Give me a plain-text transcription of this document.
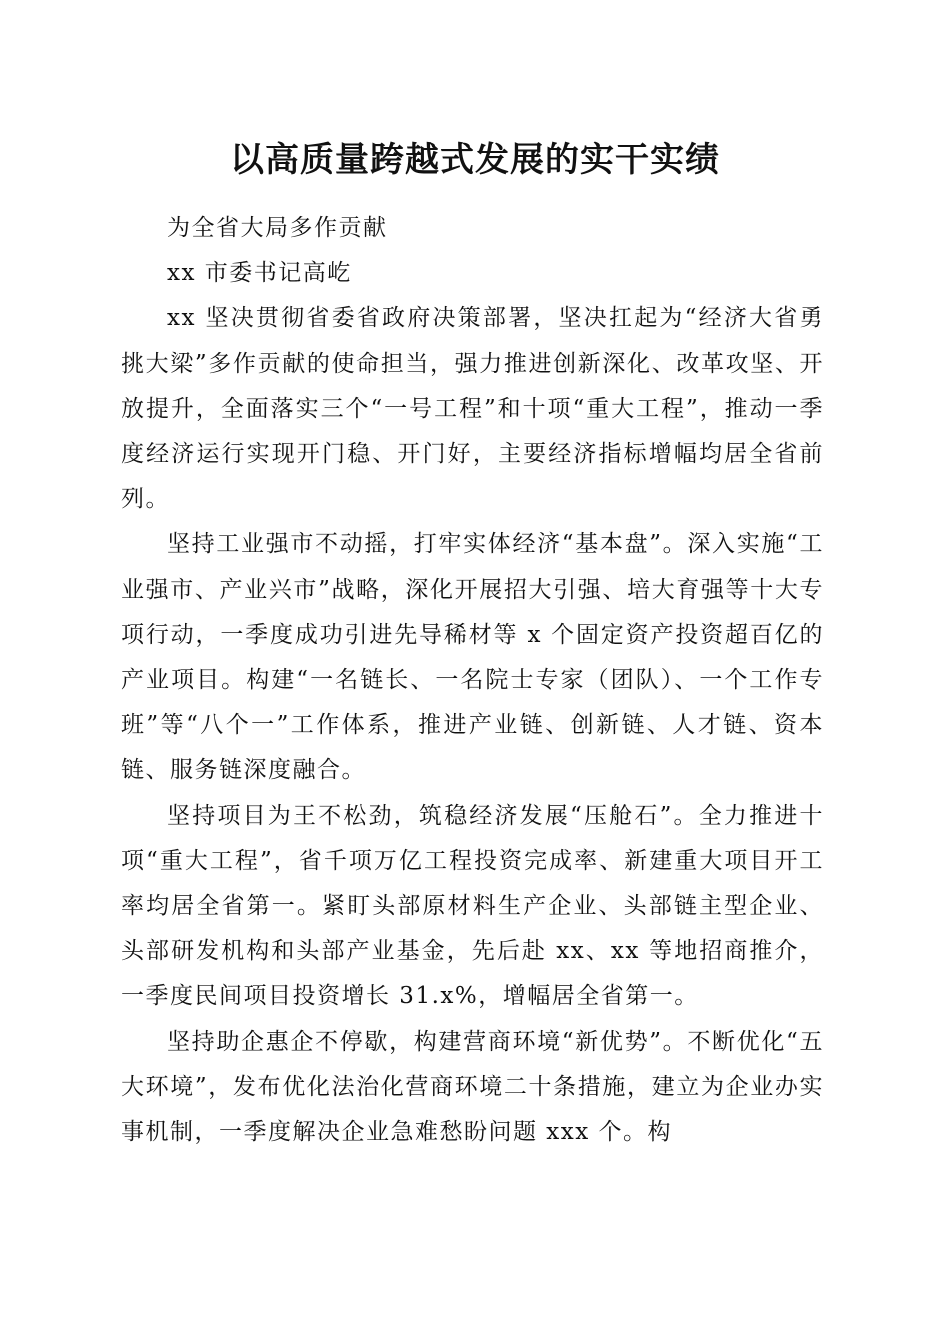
以高质量跨越式发展的实干实绩

为全省大局多作贡献

xx 市委书记高屹

xx 坚决贯彻省委省政府决策部署，坚决扛起为“经济大省勇挑大梁”多作贡献的使命担当，强力推进创新深化、改革攻坚、开放提升，全面落实三个“一号工程”和十项“重大工程”，推动一季度经济运行实现开门稳、开门好，主要经济指标增幅均居全省前列。

坚持工业强市不动摇，打牢实体经济“基本盘”。深入实施“工业强市、产业兴市”战略，深化开展招大引强、培大育强等十大专项行动，一季度成功引进先导稀材等 x 个固定资产投资超百亿的产业项目。构建“一名链长、一名院士专家（团队）、一个工作专班”等“八个一”工作体系，推进产业链、创新链、人才链、资本链、服务链深度融合。

坚持项目为王不松劲，筑稳经济发展“压舱石”。全力推进十项“重大工程”，省千项万亿工程投资完成率、新建重大项目开工率均居全省第一。紧盯头部原材料生产企业、头部链主型企业、头部研发机构和头部产业基金，先后赴 xx、xx 等地招商推介，一季度民间项目投资增长 31.x%，增幅居全省第一。

坚持助企惠企不停歇，构建营商环境“新优势”。不断优化“五大环境”，发布优化法治化营商环境二十条措施，建立为企业办实事机制，一季度解决企业急难愁盼问题 xxx 个。构
